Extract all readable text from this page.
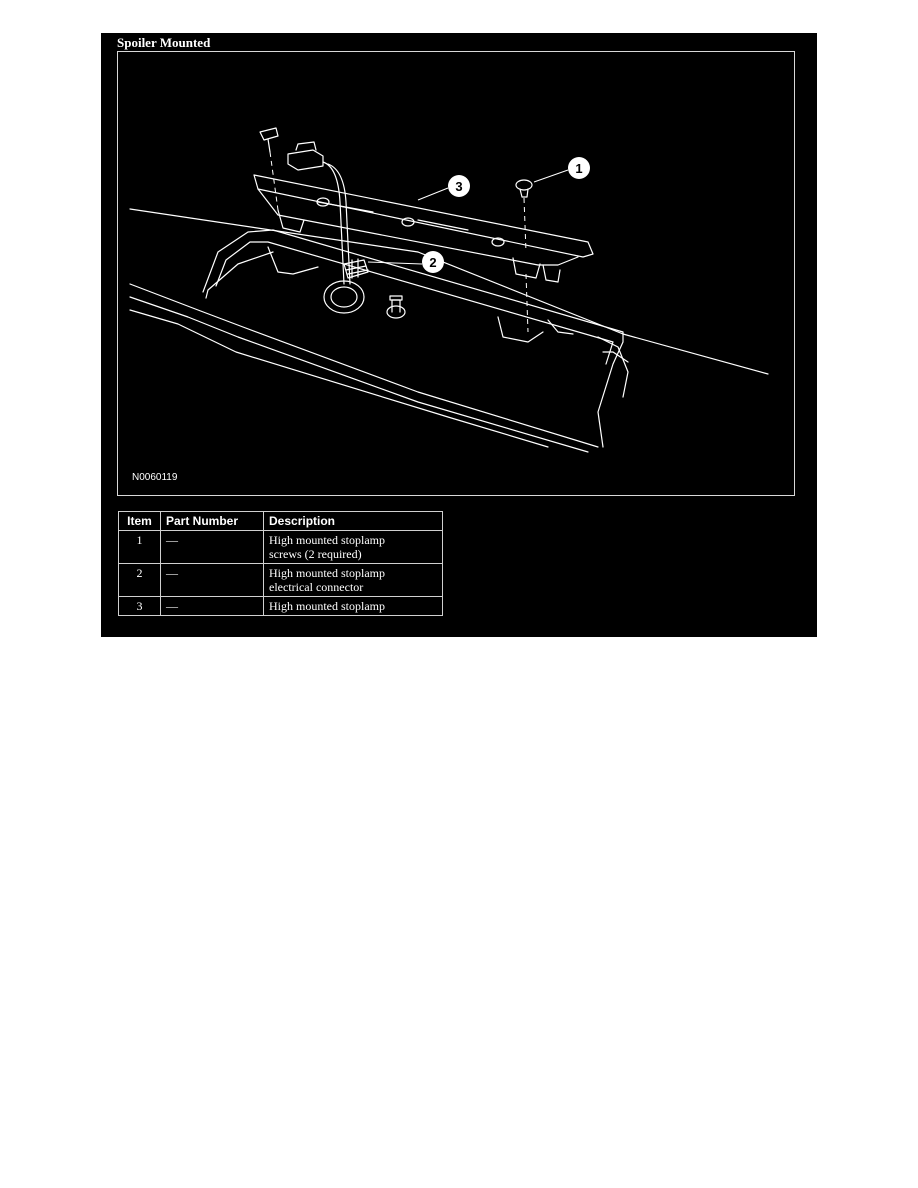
Spoiler Mounted
1
2
3
N0060119
Item	Part Number	Description
1	—	High mounted stoplamp
screws (2 required)

2	—	High mounted stoplamp
electrical connector

3	—	High mounted stoplamp
